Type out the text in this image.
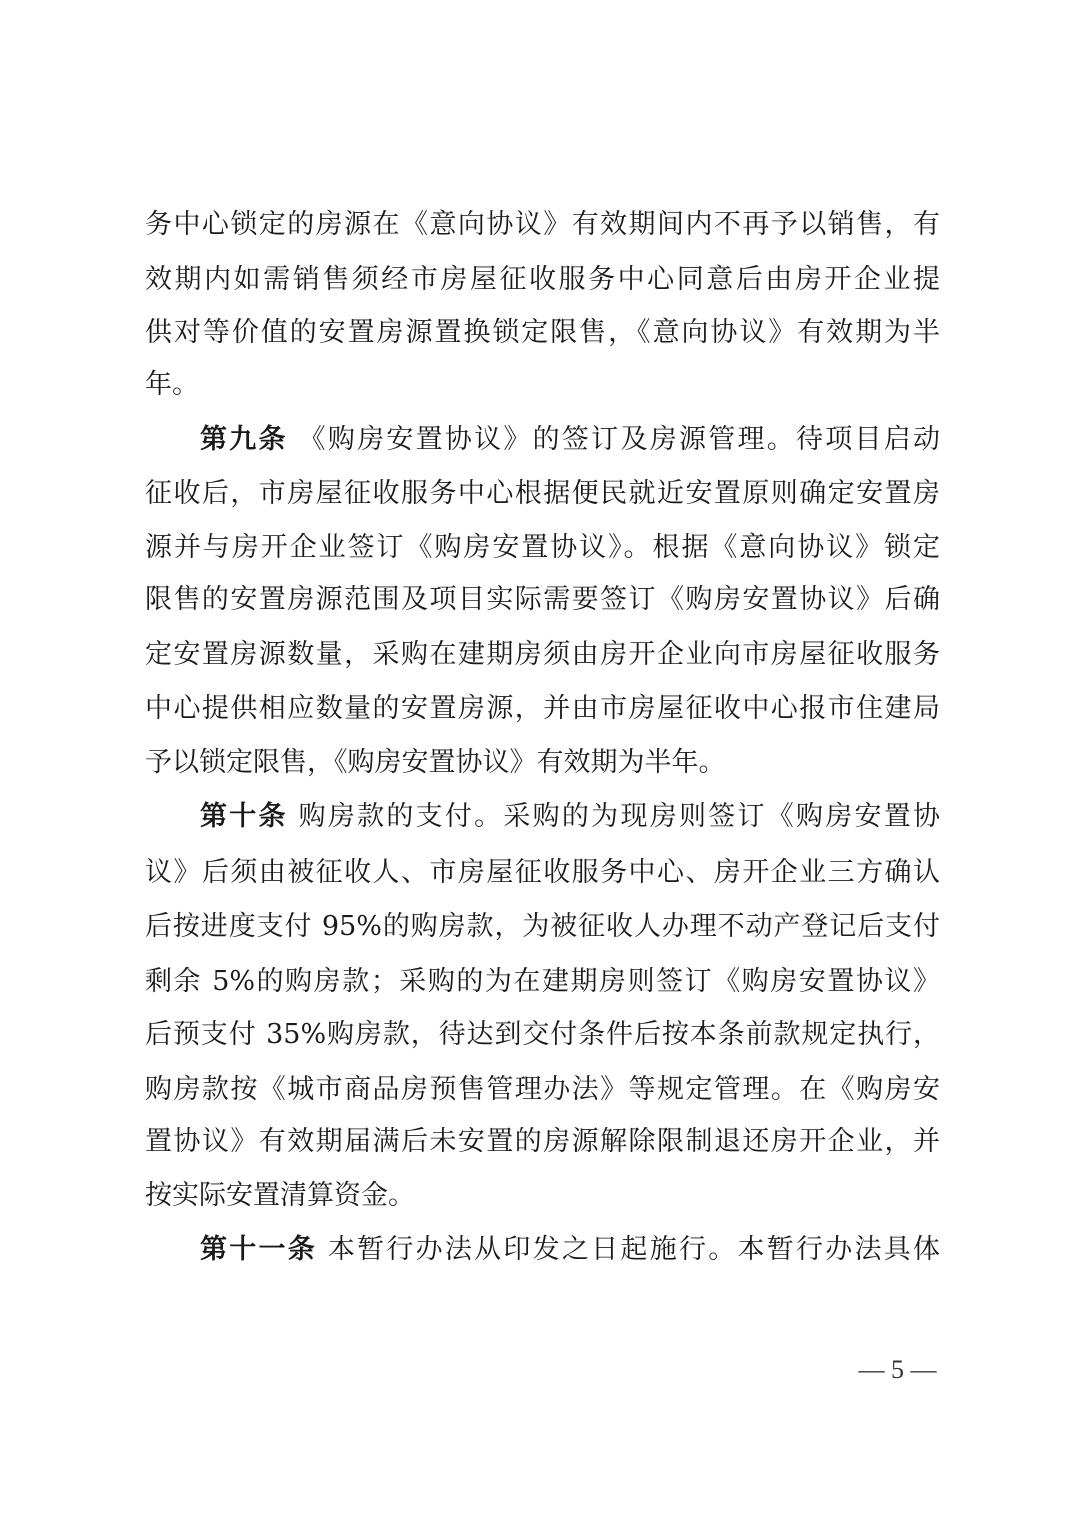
务中心锁定的房源在《意向协议》有效期间内不再予以销售，有
效期内如需销售须经市房屋征收服务中心同意后由房开企业提
供对等价值的安置房源置换锁定限售，《意向协议》有效期为半
年。
第九条 《购房安置协议》的签订及房源管理。待项目启动
征收后，市房屋征收服务中心根据便民就近安置原则确定安置房
源并与房开企业签订《购房安置协议》。根据《意向协议》锁定
限售的安置房源范围及项目实际需要签订《购房安置协议》后确
定安置房源数量，采购在建期房须由房开企业向市房屋征收服务
中心提供相应数量的安置房源，并由市房屋征收中心报市住建局
予以锁定限售，《购房安置协议》有效期为半年。
第十条 购房款的支付。采购的为现房则签订《购房安置协
议》后须由被征收人、市房屋征收服务中心、房开企业三方确认
后按进度支付 95%的购房款，为被征收人办理不动产登记后支付
剩余 5%的购房款；采购的为在建期房则签订《购房安置协议》
后预支付 35%购房款，待达到交付条件后按本条前款规定执行，
购房款按《城市商品房预售管理办法》等规定管理。在《购房安
置协议》有效期届满后未安置的房源解除限制退还房开企业，并
按实际安置清算资金。
第十一条 本暂行办法从印发之日起施行。本暂行办法具体
— 5 —
